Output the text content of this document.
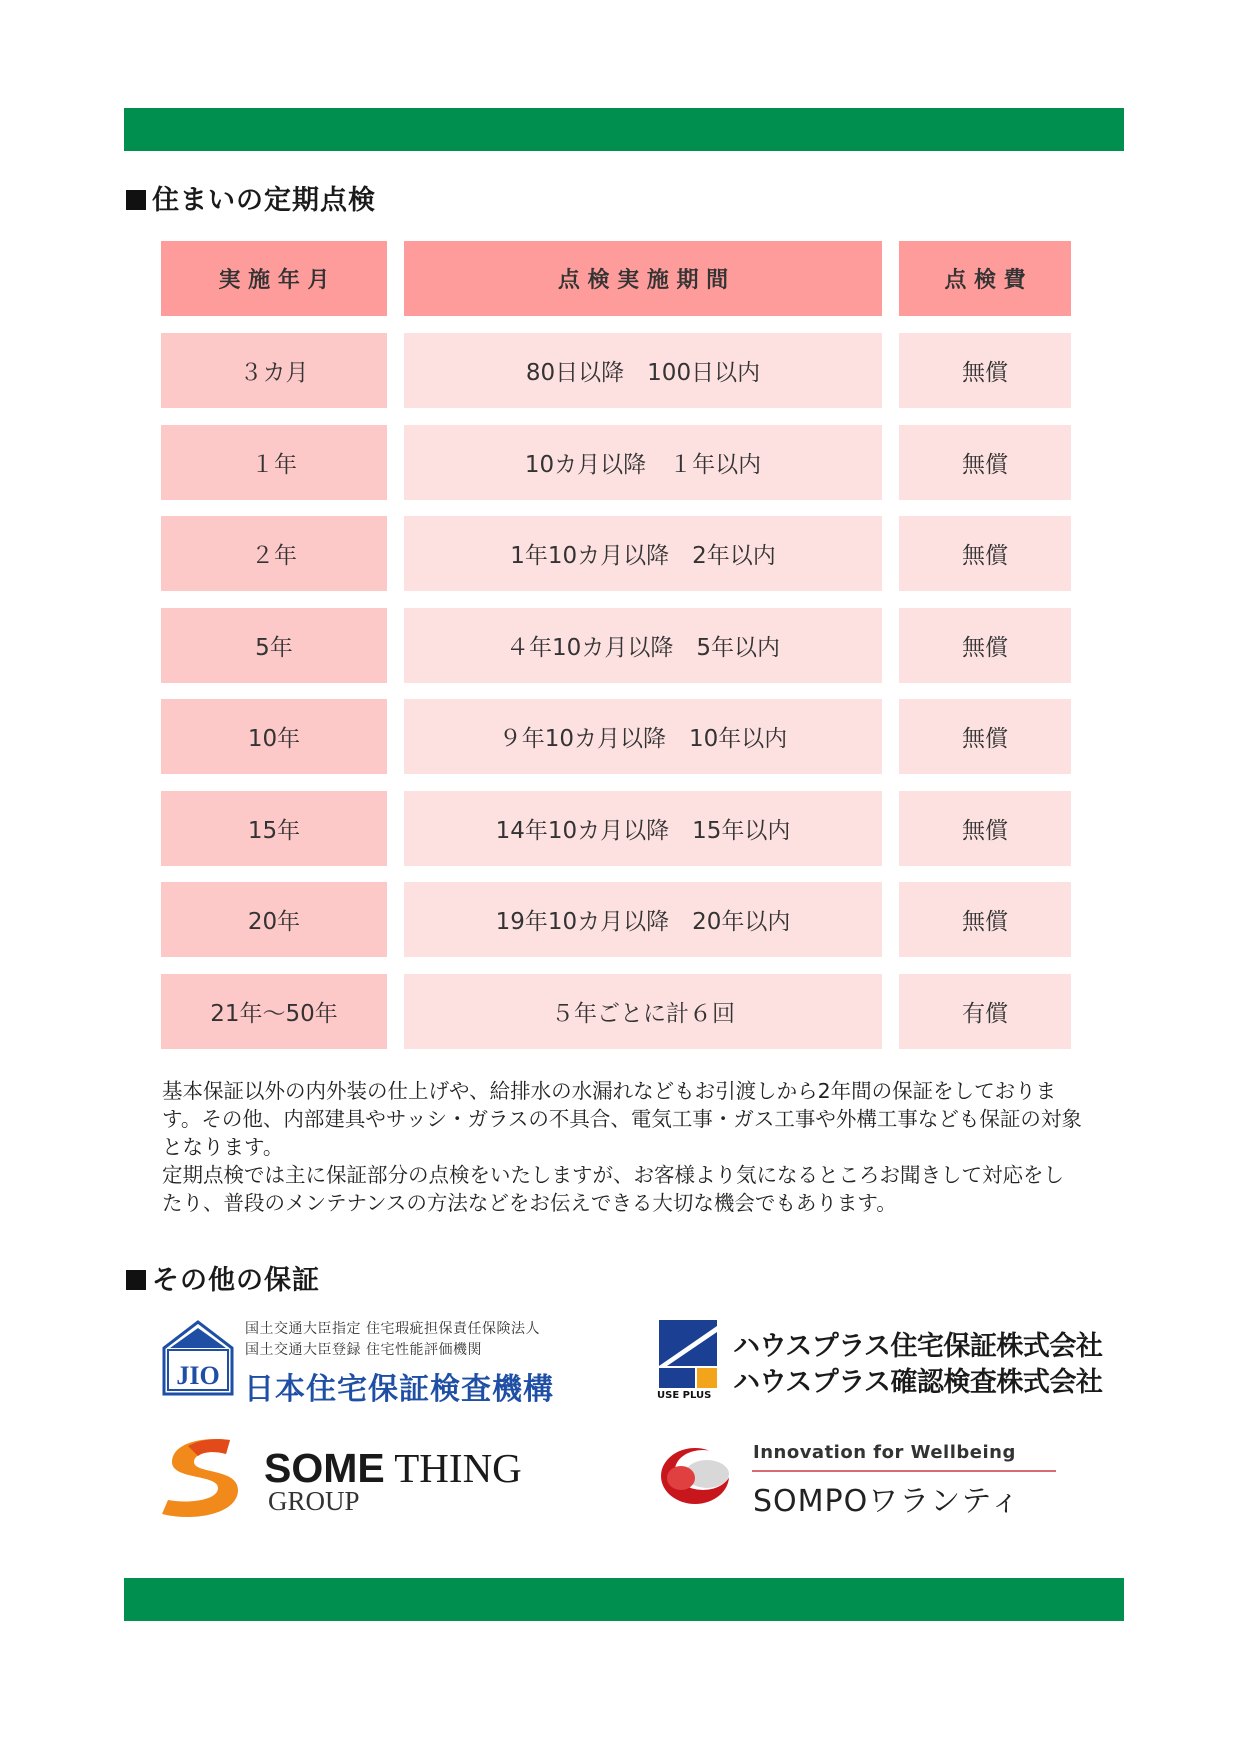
住まいの定期点検
実 施 年 月	点 検 実 施 期 間	点 検 費
３カ月	80日以降　100日以内	無償
１年	10カ月以降　１年以内	無償
２年	1年10カ月以降　2年以内	無償
5年	４年10カ月以降　5年以内	無償
10年	９年10カ月以降　10年以内	無償
15年	14年10カ月以降　15年以内	無償
20年	19年10カ月以降　20年以内	無償
21年～50年	５年ごとに計６回	有償

基本保証以外の内外装の仕上げや、給排水の水漏れなどもお引渡しから2年間の保証をしております。その他、内部建具やサッシ・ガラスの不具合、電気工事・ガス工事や外構工事なども保証の対象となります。

定期点検では主に保証部分の点検をいたしますが、お客様より気になるところお聞きして対応をしたり、普段のメンテナンスの方法などをお伝えできる大切な機会でもあります。

その他の保証
JIO
国土交通大臣指定 住宅瑕疵担保責任保険法人
国土交通大臣登録 住宅性能評価機関
日本住宅保証検査機構
ハウスプラス住宅保証株式会社
ハウスプラス確認検査株式会社
USE PLUS
SOME THING
GROUP
Innovation for Wellbeing
SOMPOワランティ
